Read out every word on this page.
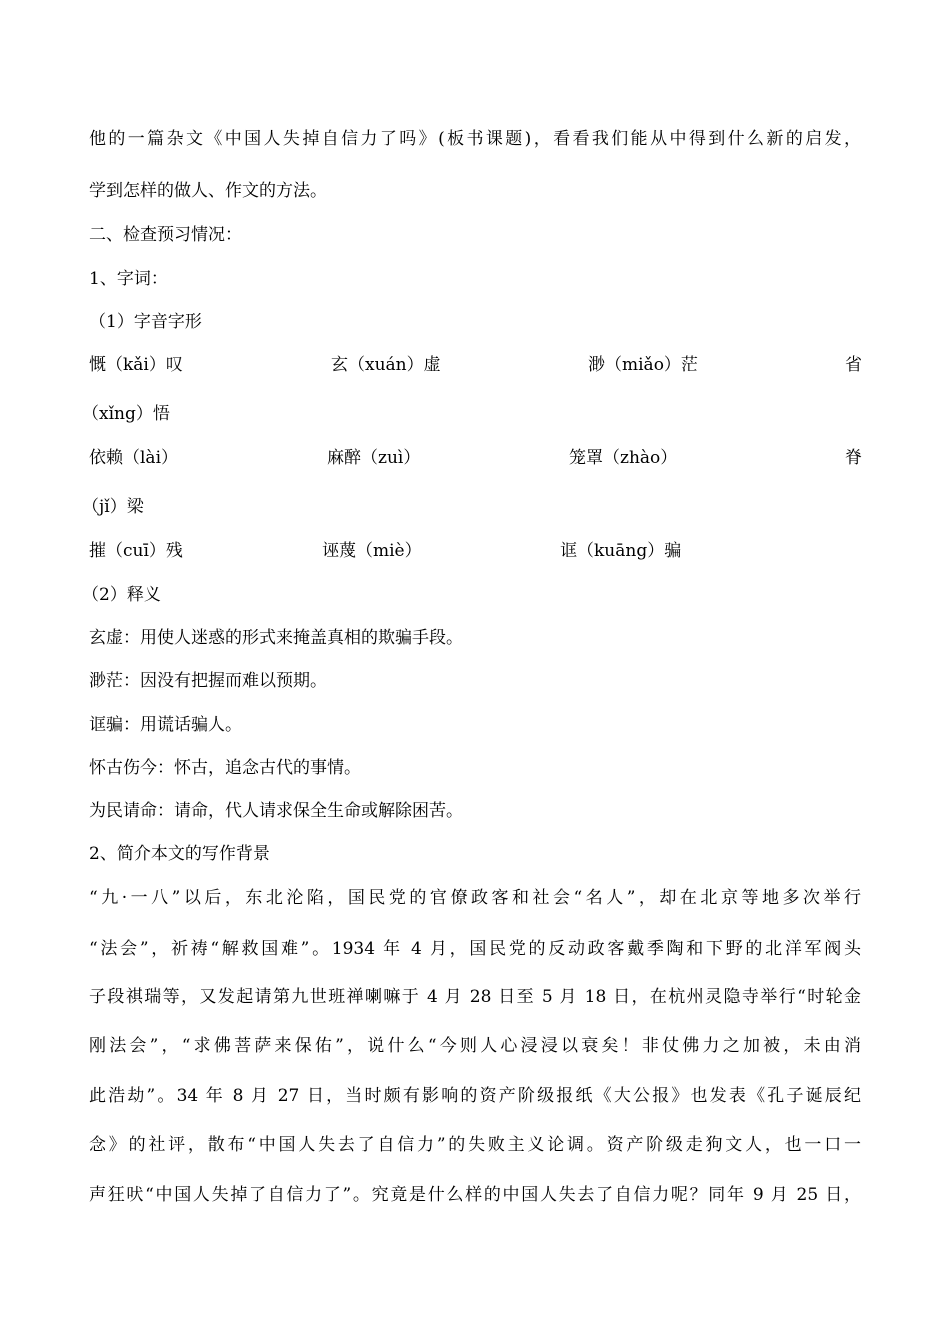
他的一篇杂文《中国人失掉自信力了吗》(板书课题)，看看我们能从中得到什么新的启发，
学到怎样的做人、作文的方法。
二、检查预习情况：
1、字词：
（1）字音字形
慨（kǎi）叹	玄（xuán）虚	渺（miǎo）茫	省
（xǐng）悟
依赖（lài）	麻醉（zuì）	笼罩（zhào）	脊
（jǐ）梁
摧（cuī）残	诬蔑（miè）	诓（kuāng）骗
（2）释义
玄虚：用使人迷惑的形式来掩盖真相的欺骗手段。
渺茫：因没有把握而难以预期。
诓骗：用谎话骗人。
怀古伤今：怀古，追念古代的事情。
为民请命：请命，代人请求保全生命或解除困苦。
2、简介本文的写作背景
“九·一八”以后，东北沦陷，国民党的官僚政客和社会“名人”，却在北京等地多次举行
“法会”，祈祷“解救国难”。1934 年 4 月，国民党的反动政客戴季陶和下野的北洋军阀头
子段祺瑞等，又发起请第九世班禅喇嘛于 4 月 28 日至 5 月 18 日，在杭州灵隐寺举行“时轮金
刚法会”，“求佛菩萨来保佑”，说什么“今则人心浸浸以衰矣！非仗佛力之加被，未由消
此浩劫”。34 年 8 月 27 日，当时颇有影响的资产阶级报纸《大公报》也发表《孔子诞辰纪
念》的社评，散布“中国人失去了自信力”的失败主义论调。资产阶级走狗文人，也一口一
声狂吠“中国人失掉了自信力了”。究竟是什么样的中国人失去了自信力呢？同年 9 月 25 日，
